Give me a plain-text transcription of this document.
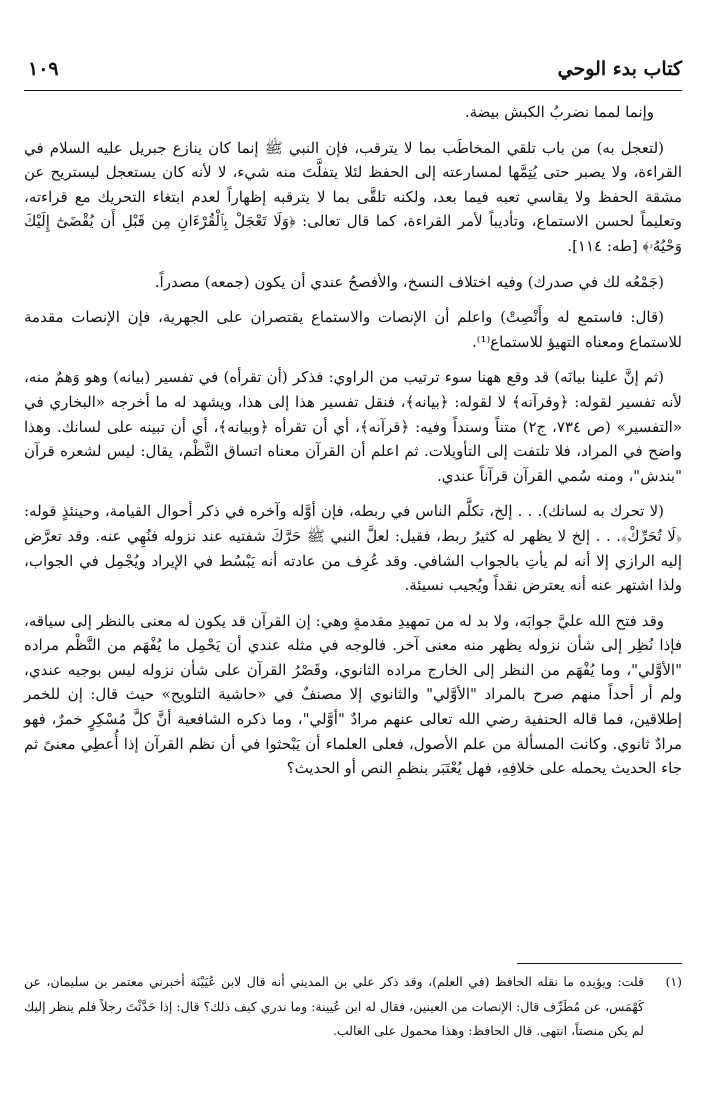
كتاب بدء الوحي
١٠٩

وإنما لمما نضربُ الكبش بيضة.

(لتعجل به) من باب تلقي المخاطَب بما لا يترقب، فإن النبي ﷺ إنما كان ينازع جبريل عليه السلام في القراءة، ولا يصبر حتى يُتِمَّها لمسارعته إلى الحفظ لئلا يتفلَّتَ منه شيء، لا لأنه كان يستعجل ليستريح عن مشقة الحفظ ولا يقاسي تعبه فيما بعد، ولكنه تلقَّى بما لا يترقبه إظهاراً لعدم ابتغاء التحريك مع قراءته، وتعليماً لحسن الاستماع، وتأديباً لأمر القراءة، كما قال تعالى: ﴿وَلَا تَعْجَلْ بِٱلْقُرْءَانِ مِن قَبْلِ أَن يُقْضَىٰٓ إِلَيْكَ وَحْيُهُۥ﴾ [طه: ١١٤].

(جَمْعُه لك في صدرك) وفيه اختلاف النسخ، والأفصحُ عندي أن يكون (جمعه) مصدراً.

(قال: فاستمع له وأَنْصِتْ) واعلم أن الإنصات والاستماع يقتصران على الجهرية، فإن الإنصات مقدمة للاستماع ومعناه التهيؤ للاستماع⁽¹⁾.

(ثم إنَّ علينا بيانَه) قد وقع ههنا سوء ترتيب من الراوي: فذكر (أن تقرأه) في تفسير (بيانه) وهو وَهمٌ منه، لأنه تفسير لقوله: ﴿وقرآنه﴾ لا لقوله: ﴿بيانه﴾، فنقل تفسير هذا إلى هذا، ويشهد له ما أخرجه «البخاري في «التفسير» (ص ٧٣٤، ج٢) متناً وسنداً وفيه: ﴿قرآنه﴾، أي أن تقرأه ﴿وبيانه﴾، أي أن تبينه على لسانك. وهذا واضح في المراد، فلا تلتفت إلى التأويلات. ثم اعلم أن القرآن معناه اتساق النَّظْم، يقال: ليس لشعره قرآن "بندش"، ومنه سُمي القرآن قرآناً عندي.

(لا تحرك به لسانك). . . إلخ، تكلَّم الناس في ربطه، فإن أوَّله وآخره في ذكر أحوال القيامة، وحينئذٍ قوله: ﴿لَا تُحَرِّكْ﴾. . . إلخ لا يظهر له كثيرُ ربط، فقيل: لعلَّ النبي ﷺ حَرَّكَ شفتيه عند نزوله فنُهِي عنه. وقد تعرَّض إليه الرازي إلا أنه لم يأتِ بالجواب الشافي. وقد عُرِف من عادته أنه يَبْسُط في الإيراد ويُجْمِل في الجواب، ولذا اشتهر عنه أنه يعترض نقداً ويُجيب نسيئة.

وقد فتح الله عليَّ جوابَه، ولا بد له من تمهيدِ مقدمةٍ وهي: إن القرآن قد يكون له معنى بالنظر إلى سياقه، فإذا نُظِر إلى شأن نزوله يظهر منه معنى آخر. فالوجه في مثله عندي أن يَحْمِل ما يُفْهَم من النَّظْم مراده "الأوَّلي"، وما يُفْهَم من النظر إلى الخارج مراده الثانوي، وقَصْرُ القرآن على شأن نزوله ليس بوجيه عندي، ولم أر أحداً منهم صرح بالمراد "الأوَّلي" والثانوي إلا مصنفٌ في «حاشية التلويح» حيث قال: إن للخمر إطلاقين، فما قاله الحنفية رضي الله تعالى عنهم مرادٌ "أوَّلي"، وما ذكره الشافعية أنَّ كلَّ مُسْكِرٍ خمرٌ، فهو مرادٌ ثانوي. وكانت المسألة من علم الأصول، فعلى العلماء أن يَبْحثوا في أن نظم القرآن إذا أُعطِي معنىً ثم جاء الحديث يحمله على خلافِهِ، فهل يُعْتَبَر بنظمِ النص أو الحديث؟

(١)
قلت: ويؤيده ما نقله الحافظ (في العلم)، وقد ذكر علي بن المديني أنه قال لابن عُيَيْنَة أخبرني معتمر بن سليمان، عن كَهْمَس، عن مُطَرِّف قال: الإنصات من العينين، فقال له ابن عُيينة: وما ندري كيف ذلك؟ قال: إذا حَدَّثْتَ رجلاً فلم ينظر إليك لم يكن منصتاً، انتهى. قال الحافظ: وهذا محمول على الغالب.
